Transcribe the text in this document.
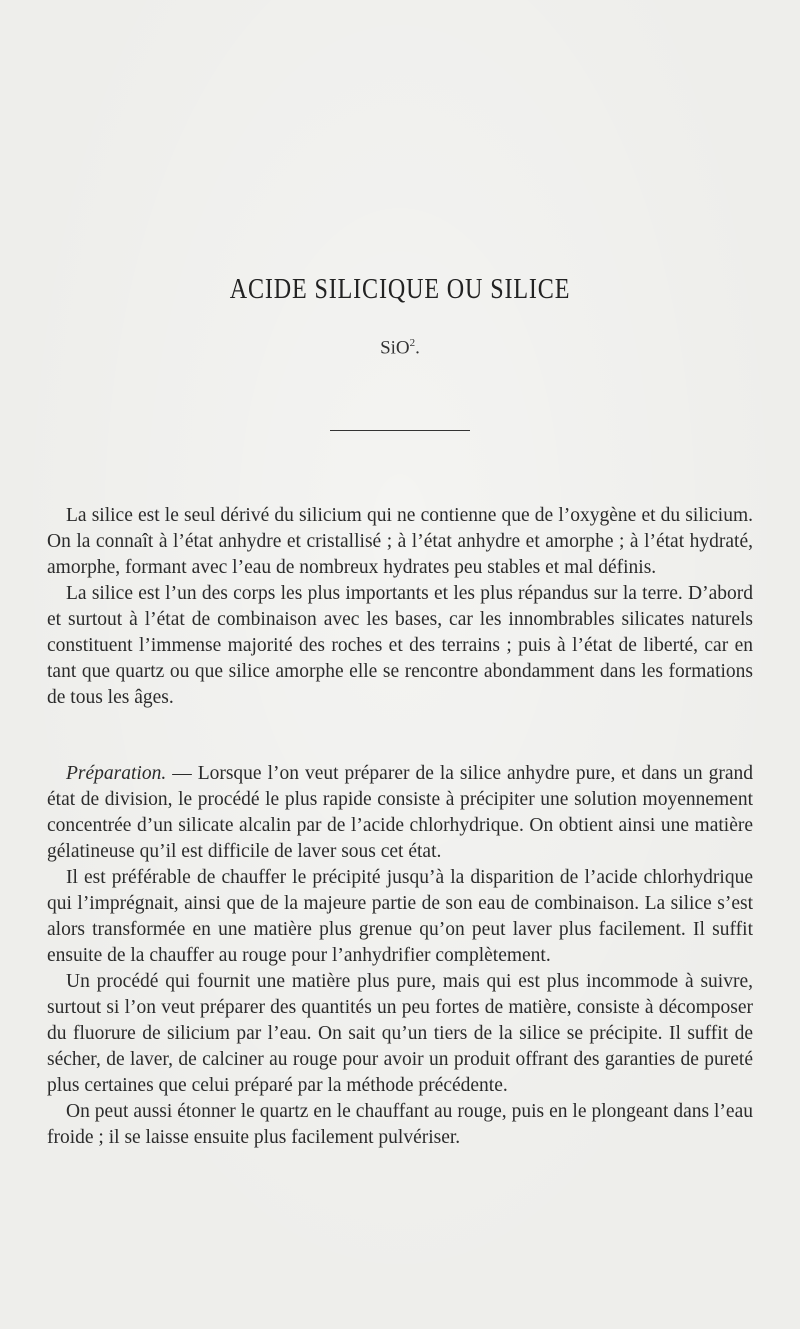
ACIDE SILICIQUE OU SILICE
SiO$^2$.

La silice est le seul dérivé du silicium qui ne contienne que de l’oxygène et du silicium. On la connaît à l’état anhydre et cristallisé ; à l’état anhydre et amorphe ; à l’état hydraté, amorphe, formant avec l’eau de nombreux hydrates peu stables et mal définis.

La silice est l’un des corps les plus importants et les plus répandus sur la terre. D’abord et surtout à l’état de combinaison avec les bases, car les innombrables silicates naturels constituent l’immense majorité des roches et des terrains ; puis à l’état de liberté, car en tant que quartz ou que silice amorphe elle se rencontre abondamment dans les formations de tous les âges.

Préparation. — Lorsque l’on veut préparer de la silice anhydre pure, et dans un grand état de division, le procédé le plus rapide consiste à précipiter une solution moyennement concentrée d’un silicate alcalin par de l’acide chlorhydrique. On obtient ainsi une matière gélatineuse qu’il est difficile de laver sous cet état.

Il est préférable de chauffer le précipité jusqu’à la disparition de l’acide chlorhydrique qui l’imprégnait, ainsi que de la majeure partie de son eau de combinaison. La silice s’est alors transformée en une matière plus grenue qu’on peut laver plus facilement. Il suffit ensuite de la chauffer au rouge pour l’anhydrifier complètement.

Un procédé qui fournit une matière plus pure, mais qui est plus incommode à suivre, surtout si l’on veut préparer des quantités un peu fortes de matière, consiste à décomposer du fluorure de silicium par l’eau. On sait qu’un tiers de la silice se précipite. Il suffit de sécher, de laver, de calciner au rouge pour avoir un produit offrant des garanties de pureté plus certaines que celui préparé par la méthode précédente.

On peut aussi étonner le quartz en le chauffant au rouge, puis en le plongeant dans l’eau froide ; il se laisse ensuite plus facilement pulvériser.
